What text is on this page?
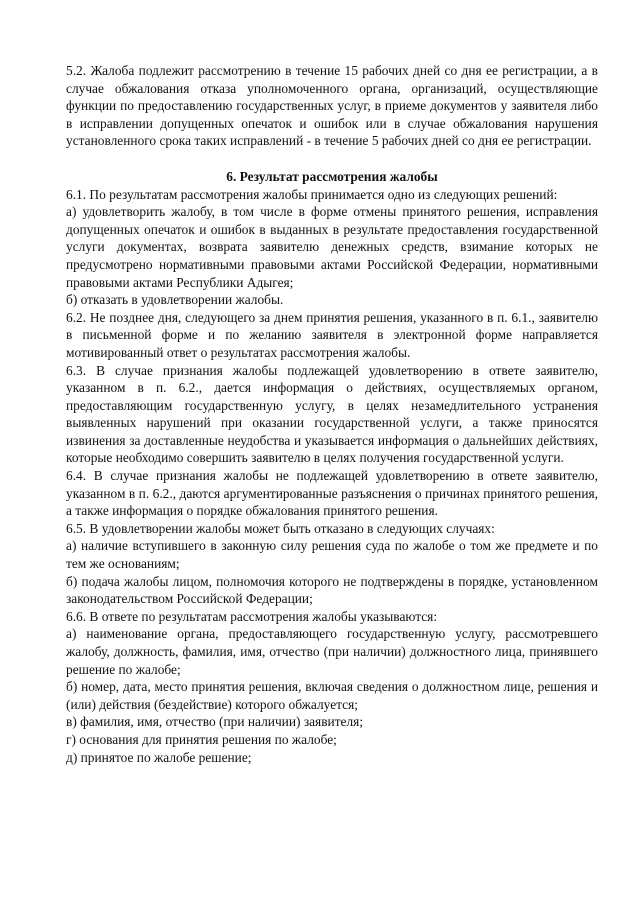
5.2. Жалоба подлежит рассмотрению в течение 15 рабочих дней со дня ее регистрации, а в случае обжалования отказа уполномоченного органа, организаций, осуществляющие функции по предоставлению государственных услуг, в приеме документов у заявителя либо в исправлении допущенных опечаток и ошибок или в случае обжалования нарушения установленного срока таких исправлений - в течение 5 рабочих дней со дня ее регистрации.

6. Результат рассмотрения жалобы

6.1. По результатам рассмотрения жалобы принимается одно из следующих решений:

а) удовлетворить жалобу, в том числе в форме отмены принятого решения, исправления допущенных опечаток и ошибок в выданных в результате предоставления государственной услуги документах, возврата заявителю денежных средств, взимание которых не предусмотрено нормативными правовыми актами Российской Федерации, нормативными правовыми актами Республики Адыгея;

б) отказать в удовлетворении жалобы.

6.2. Не позднее дня, следующего за днем принятия решения, указанного в п. 6.1., заявителю в письменной форме и по желанию заявителя в электронной форме направляется мотивированный ответ о результатах рассмотрения жалобы.

6.3. В случае признания жалобы подлежащей удовлетворению в ответе заявителю, указанном в п. 6.2., дается информация о действиях, осуществляемых органом, предоставляющим государственную услугу, в целях незамедлительного устранения выявленных нарушений при оказании государственной услуги, а также приносятся извинения за доставленные неудобства и указывается информация о дальнейших действиях, которые необходимо совершить заявителю в целях получения государственной услуги.

6.4. В случае признания жалобы не подлежащей удовлетворению в ответе заявителю, указанном в п. 6.2., даются аргументированные разъяснения о причинах принятого решения, а также информация о порядке обжалования принятого решения.

6.5. В удовлетворении жалобы может быть отказано в следующих случаях:

а) наличие вступившего в законную силу решения суда по жалобе о том же предмете и по тем же основаниям;

б) подача жалобы лицом, полномочия которого не подтверждены в порядке, установленном законодательством Российской Федерации;

6.6. В ответе по результатам рассмотрения жалобы указываются:

а) наименование органа, предоставляющего государственную услугу, рассмотревшего жалобу, должность, фамилия, имя, отчество (при наличии) должностного лица, принявшего решение по жалобе;

б) номер, дата, место принятия решения, включая сведения о должностном лице, решения и (или) действия (бездействие) которого обжалуется;

в) фамилия, имя, отчество (при наличии) заявителя;

г) основания для принятия решения по жалобе;

д) принятое по жалобе решение;
